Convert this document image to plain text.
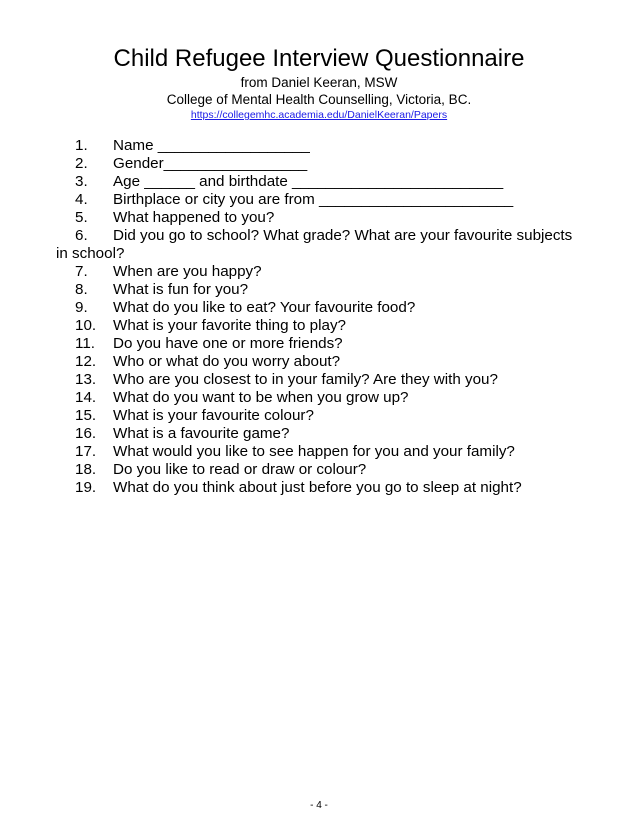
Child Refugee Interview Questionnaire
from Daniel Keeran, MSW
College of Mental Health Counselling, Victoria, BC.
https://collegemhc.academia.edu/DanielKeeran/Papers
1. Name __________________
2. Gender_________________
3. Age ______ and birthdate _________________________
4. Birthplace or city you are from _______________________
5. What happened to you?
6. Did you go to school? What grade? What are your favourite subjects
in school?
7. When are you happy?
8. What is fun for you?
9. What do you like to eat? Your favourite food?
10. What is your favorite thing to play?
11. Do you have one or more friends?
12. Who or what do you worry about?
13. Who are you closest to in your family? Are they with you?
14. What do you want to be when you grow up?
15. What is your favourite colour?
16. What is a favourite game?
17. What would you like to see happen for you and your family?
18. Do you like to read or draw or colour?
19. What do you think about just before you go to sleep at night?
- 4 -
